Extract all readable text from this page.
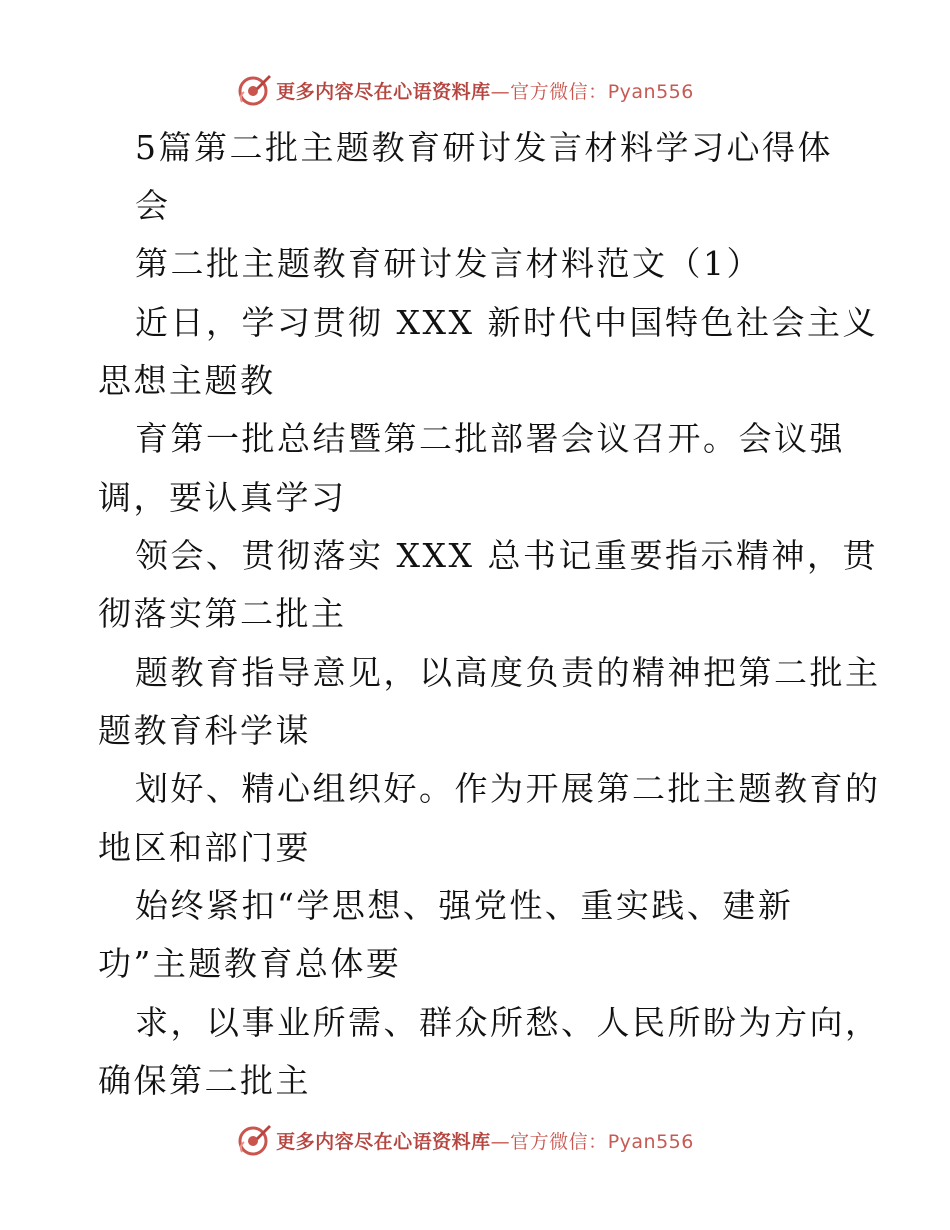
更多内容尽在心语资料库—官方微信：Pyan556
5篇第二批主题教育研讨发言材料学习心得体
会
第二批主题教育研讨发言材料范文（1）
近日，学习贯彻 XXX 新时代中国特色社会主义
思想主题教
育第一批总结暨第二批部署会议召开。会议强
调，要认真学习
领会、贯彻落实 XXX 总书记重要指示精神，贯
彻落实第二批主
题教育指导意见，以高度负责的精神把第二批主
题教育科学谋
划好、精心组织好。作为开展第二批主题教育的
地区和部门要
始终紧扣“学思想、强党性、重实践、建新
功”主题教育总体要
求，以事业所需、群众所愁、人民所盼为方向，
确保第二批主
更多内容尽在心语资料库—官方微信：Pyan556
